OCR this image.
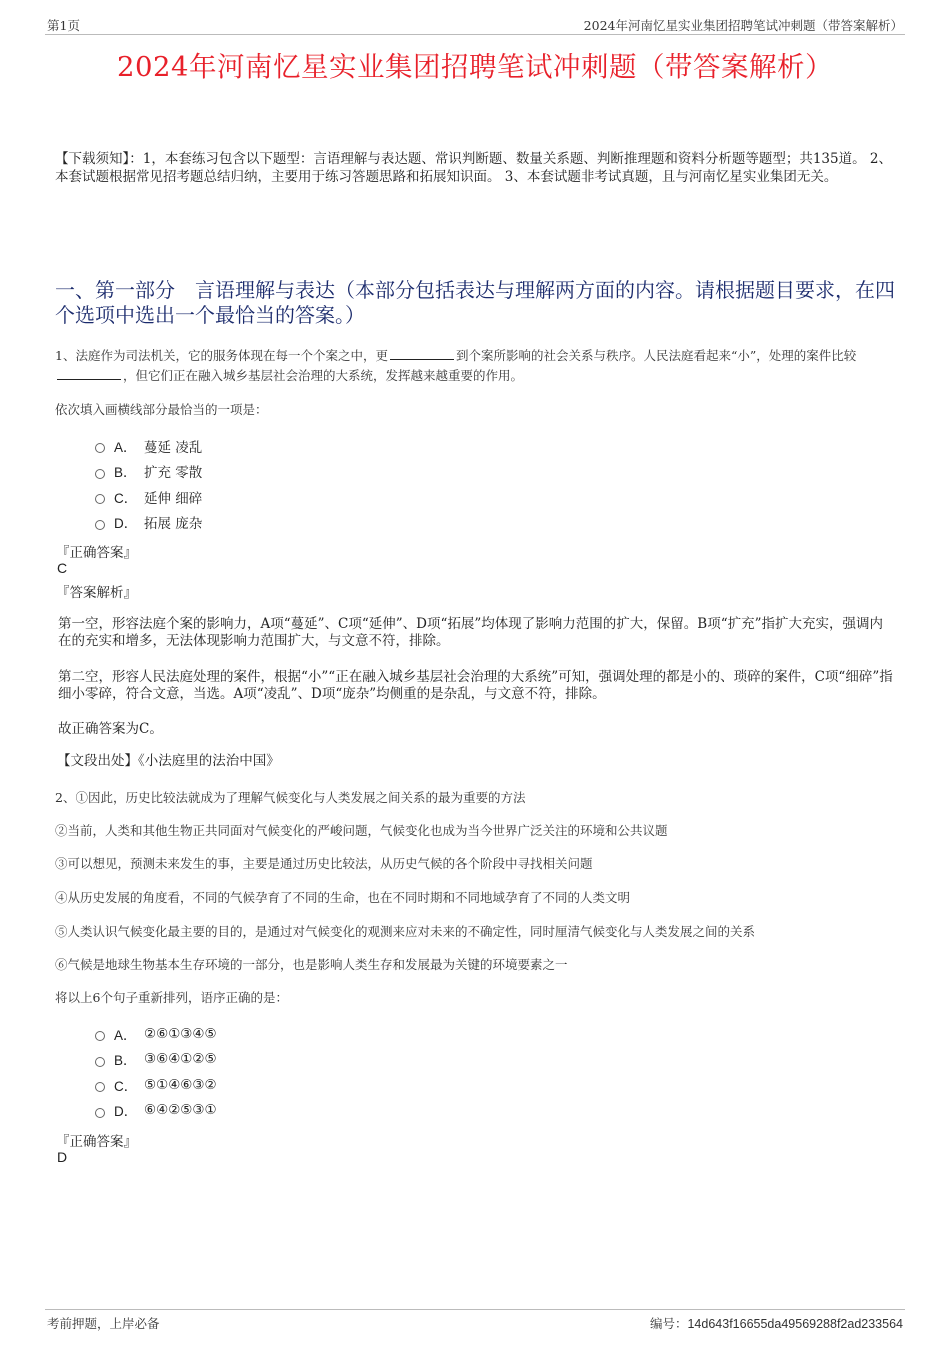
第1页	2024年河南忆星实业集团招聘笔试冲刺题（带答案解析）
2024年河南忆星实业集团招聘笔试冲刺题（带答案解析）
【下载须知】：1，本套练习包含以下题型：言语理解与表达题、常识判断题、数量关系题、判断推理题和资料分析题等题型；共135道。 2、本套试题根据常见招考题总结归纳，主要用于练习答题思路和拓展知识面。 3、本套试题非考试真题，且与河南忆星实业集团无关。
一、第一部分　言语理解与表达（本部分包括表达与理解两方面的内容。请根据题目要求，在四个选项中选出一个最恰当的答案。）
1、法庭作为司法机关，它的服务体现在每一个个案之中，更	到个案所影响的社会关系与秩序。人民法庭看起来“小”，处理的案件比较，但它们正在融入城乡基层社会治理的大系统，发挥越来越重要的作用。
依次填入画横线部分最恰当的一项是：
A． 蔓延 凌乱
B． 扩充 零散
C． 延伸 细碎
D． 拓展 庞杂
『正确答案』
C
『答案解析』
第一空，形容法庭个案的影响力，A项“蔓延”、C项“延伸”、D项“拓展”均体现了影响力范围的扩大，保留。B项“扩充”指扩大充实，强调内在的充实和增多，无法体现影响力范围扩大，与文意不符，排除。
第二空，形容人民法庭处理的案件，根据“小”“正在融入城乡基层社会治理的大系统”可知，强调处理的都是小的、琐碎的案件，C项“细碎”指细小零碎，符合文意，当选。A项“凌乱”、D项“庞杂”均侧重的是杂乱，与文意不符，排除。
故正确答案为C。
【文段出处】《小法庭里的法治中国》
2、①因此，历史比较法就成为了理解气候变化与人类发展之间关系的最为重要的方法
②当前，人类和其他生物正共同面对气候变化的严峻问题，气候变化也成为当今世界广泛关注的环境和公共议题
③可以想见，预测未来发生的事，主要是通过历史比较法，从历史气候的各个阶段中寻找相关问题
④从历史发展的角度看，不同的气候孕育了不同的生命，也在不同时期和不同地域孕育了不同的人类文明
⑤人类认识气候变化最主要的目的，是通过对气候变化的观测来应对未来的不确定性，同时厘清气候变化与人类发展之间的关系
⑥气候是地球生物基本生存环境的一部分，也是影响人类生存和发展最为关键的环境要素之一
将以上6个句子重新排列，语序正确的是：
A． ②⑥①③④⑤
B． ③⑥④①②⑤
C． ⑤①④⑥③②
D． ⑥④②⑤③①
『正确答案』
D
考前押题，上岸必备	编号：14d643f16655da49569288f2ad233564
